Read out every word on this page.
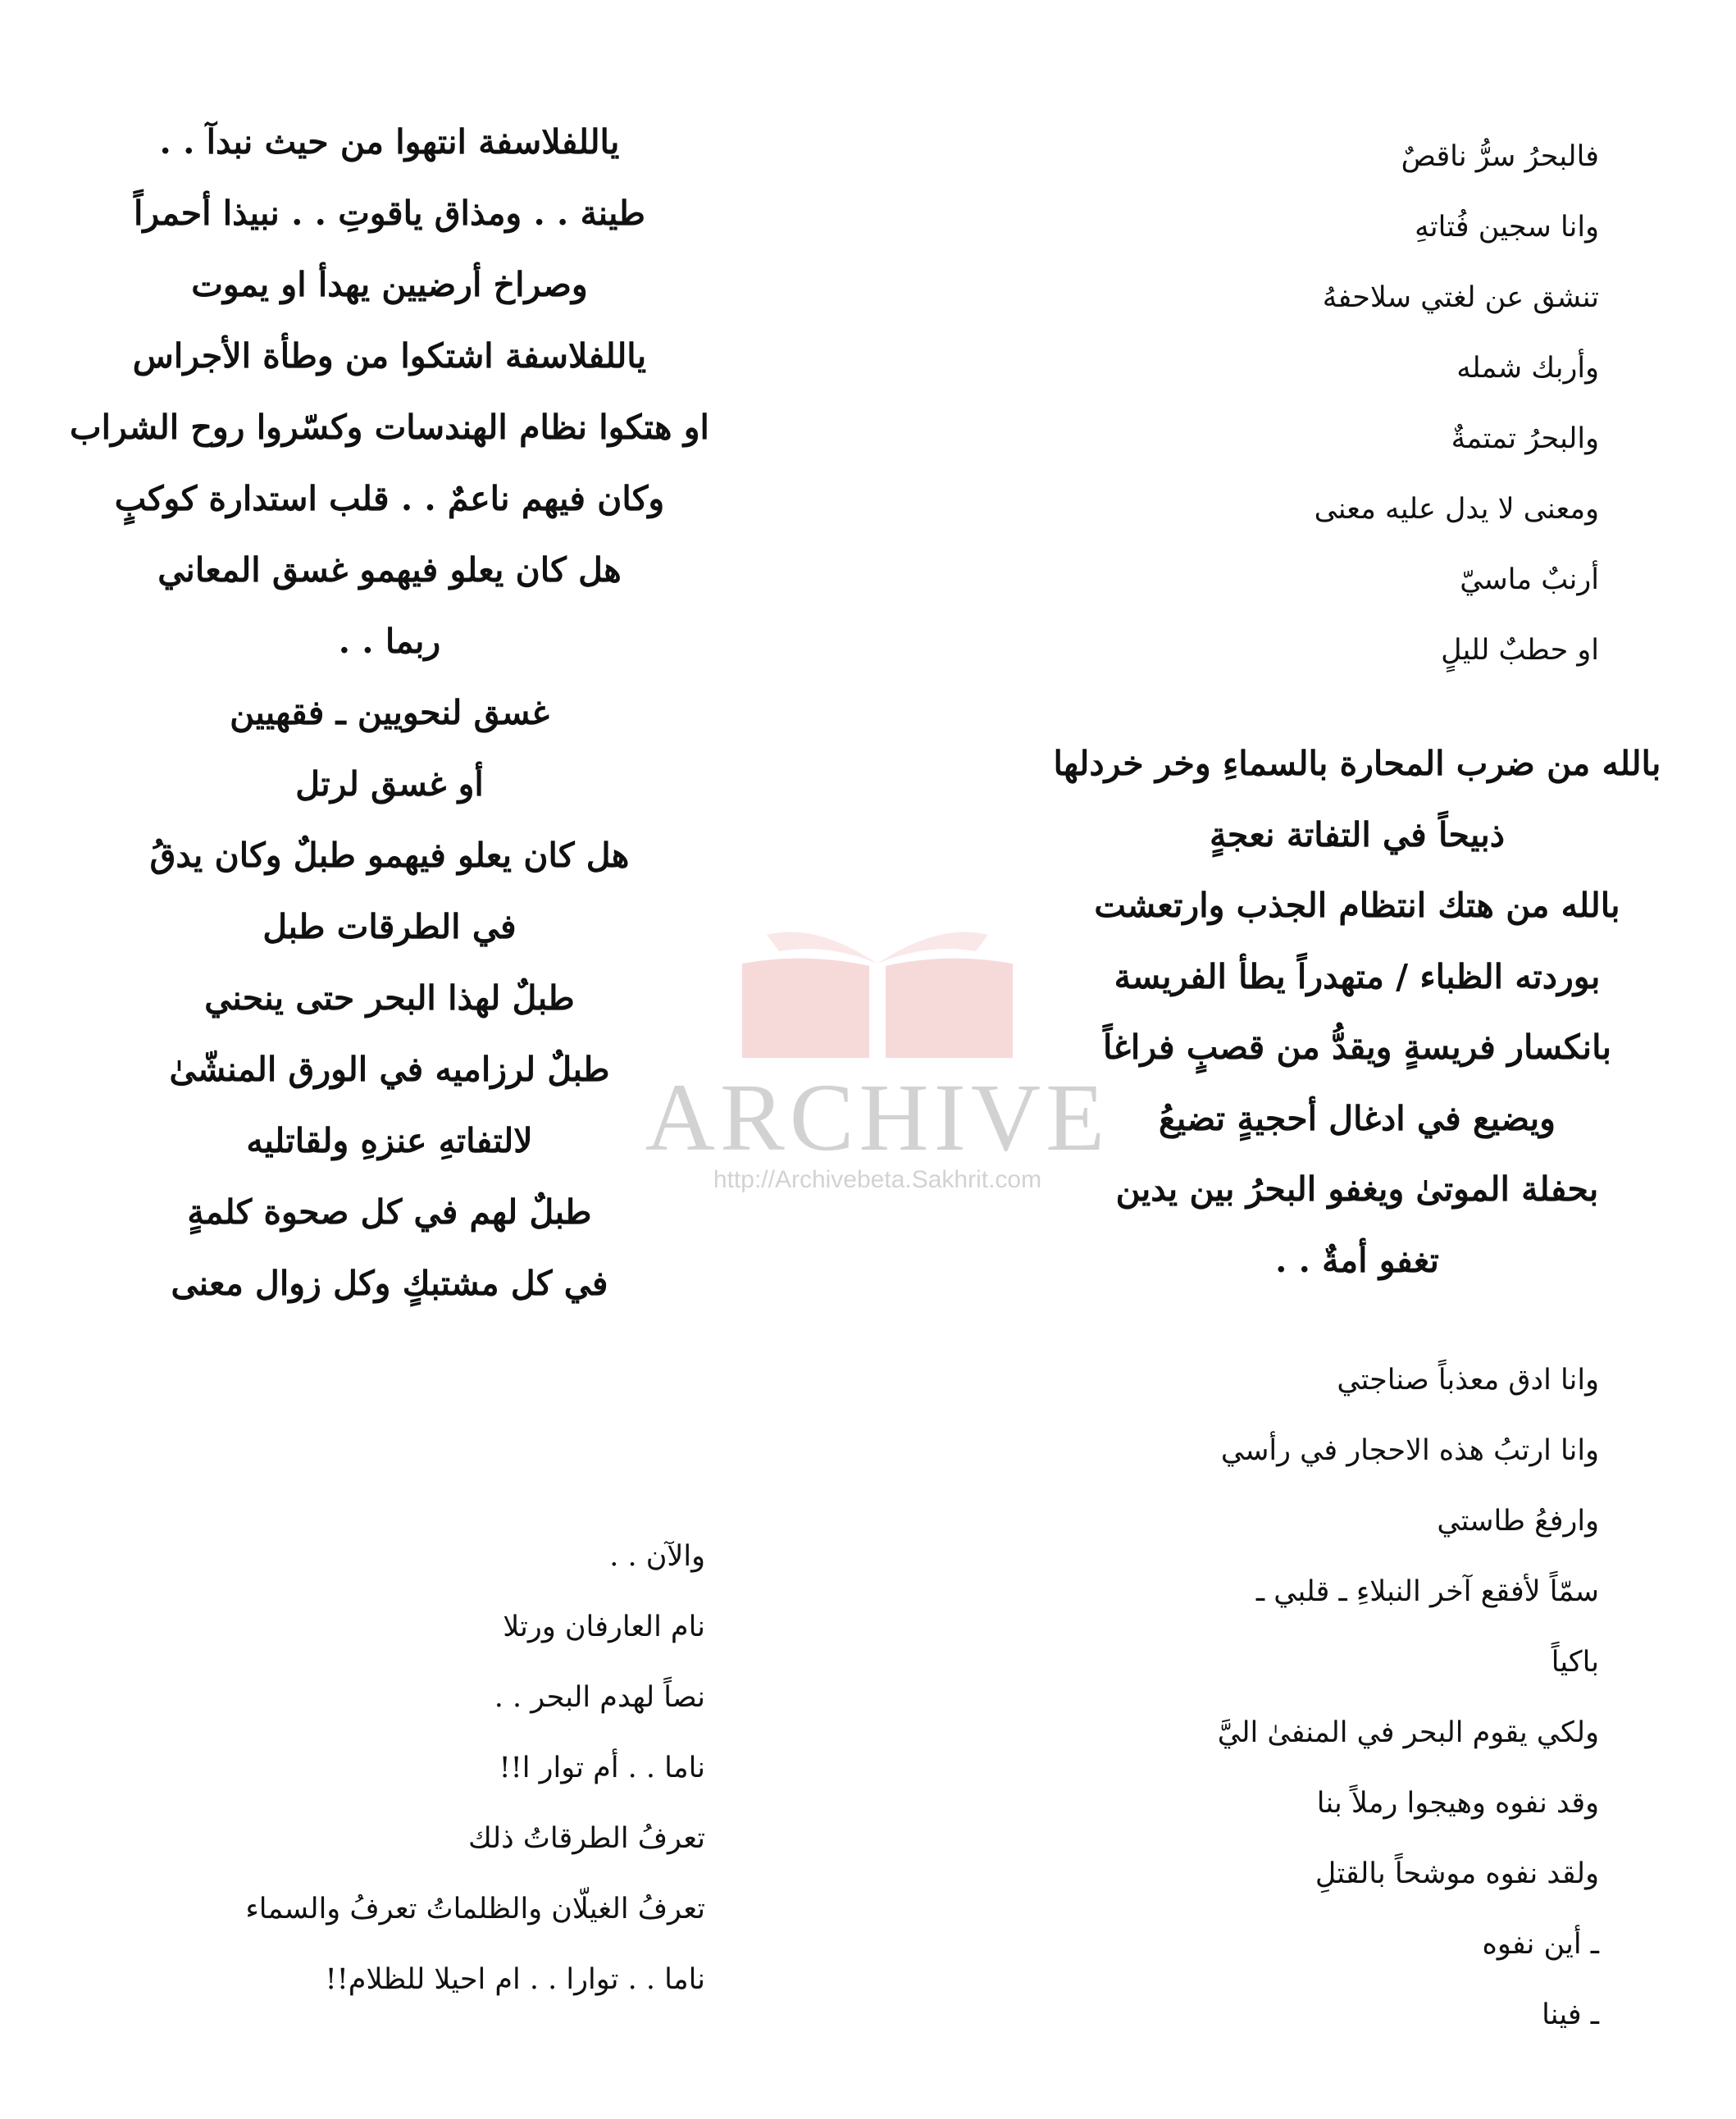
فالبحرُ سرُّ ناقصٌ
وانا سجين فُتاتهِ
تنشق عن لغتي سلاحفهُ
وأربك شمله
والبحرُ تمتمةٌ
ومعنى لا يدل عليه معنى
أرنبٌ ماسيّ
او حطبٌ لليلٍ
بالله من ضرب المحارة بالسماءِ وخر خردلها
ذبيحاً في التفاتة نعجةٍ
بالله من هتك انتظام الجذب وارتعشت
بوردته الظباء / متهدراً يطأ الفريسة
بانكسار فريسةٍ ويقدُّ من قصبٍ فراغاً
ويضيع في ادغال أحجيةٍ تضيعُ
بحفلة الموتىٰ ويغفو البحرُ بين يدين
تغفو أمةٌ . .
وانا ادق معذباً صناجتي
وانا ارتبُ هذه الاحجار في رأسي
وارفعُ طاستي
سمّاً لأفقع آخر النبلاءِ ـ قلبي ـ
باكياً
ولكي يقوم البحر في المنفىٰ اليَّ
وقد نفوه وهيجوا رملاً بنا
ولقد نفوه موشحاً بالقتلِ
ـ أين نفوه
ـ فينا
ياللفلاسفة انتهوا من حيث نبدآ . .
طينة . . ومذاق ياقوتِ . . نبيذا أحمراً
وصراخ أرضيين يهدأ او يموت
ياللفلاسفة اشتكوا من وطأة الأجراس
او هتكوا نظام الهندسات وكسّروا روح الشراب
وكان فيهم ناعمٌ . . قلب استدارة كوكبٍ
هل كان يعلو فيهمو غسق المعاني
ربما . .
غسق لنحويين ـ فقهيين
أو غسق لرتل
هل كان يعلو فيهمو طبلٌ وكان يدقُ
في الطرقات طبل
طبلٌ لهذا البحر حتى ينحني
طبلٌ لرزاميه في الورق المنشّىٰ
لالتفاتهِ عنزهِ ولقاتليه
طبلٌ لهم في كل صحوة كلمةٍ
في كل مشتبكٍ وكل زوال معنى
والآن . .
نام العارفان ورتلا
نصاً لهدم البحر . .
ناما . . أم توار ا!!
تعرفُ الطرقاتُ ذلك
تعرفُ الغيلّان والظلماتُ تعرفُ والسماء
ناما . . توارا . . ام احيلا للظلام!!
ARCHIVE
http://Archivebeta.Sakhrit.com
